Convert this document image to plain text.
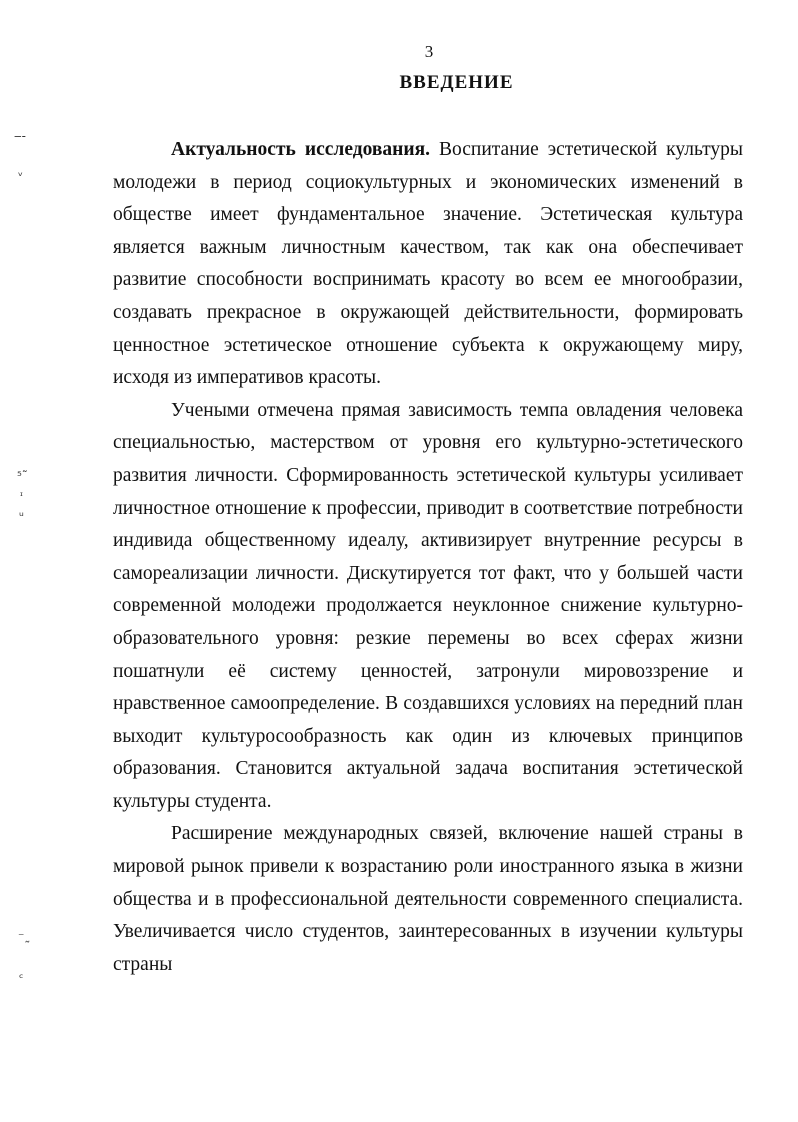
3
ВВЕДЕНИЕ
‒‑
ᵛ
⁵˜
ᶦ
ᵘ
⁻˷
ᶜ

Актуальность исследования. Воспитание эстетической культуры молодежи в период социокультурных и экономических изменений в обществе имеет фундаментальное значение. Эстетическая культура является важным личностным качеством, так как она обеспечивает развитие способности воспринимать красоту во всем ее многообразии, создавать прекрасное в окружающей действительности, формировать ценностное эстетическое отношение субъекта к окружающему миру, исходя из императивов красоты.

Учеными отмечена прямая зависимость темпа овладения человека специальностью, мастерством от уровня его культурно-эстетического развития личности. Сформированность эстетической культуры усиливает личностное отношение к профессии, приводит в соответствие потребности индивида общественному идеалу, активизирует внутренние ресурсы в самореализации личности. Дискутируется тот факт, что у большей части современной молодежи продолжается неуклонное снижение культурно-образовательного уровня: резкие перемены во всех сферах жизни пошатнули её систему ценностей, затронули мировоззрение и нравственное самоопределение. В создавшихся условиях на передний план выходит культуросообразность как один из ключевых принципов образования. Становится актуальной задача воспитания эстетической культуры студента.

Расширение международных связей, включение нашей страны в мировой рынок привели к возрастанию роли иностранного языка в жизни общества и в профессиональной деятельности современного специалиста. Увеличивается число студентов, заинтересованных в изучении культуры страны
